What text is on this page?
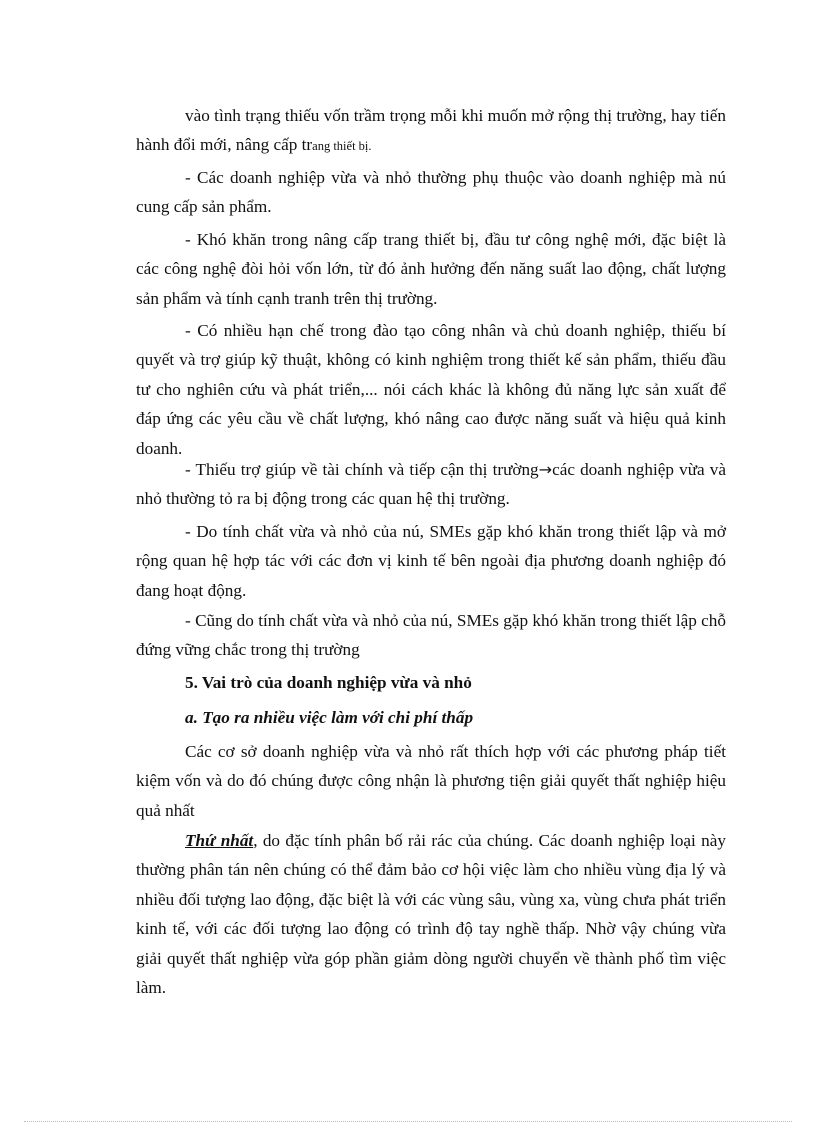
vào tình trạng thiếu vốn trầm trọng mỗi khi muốn mở rộng thị trường, hay tiến hành đổi mới, nâng cấp trang thiết bị.

- Các doanh nghiệp vừa và nhỏ thường phụ thuộc vào doanh nghiệp mà nú cung cấp sản phẩm.

- Khó khăn trong nâng cấp trang thiết bị, đầu tư công nghệ mới, đặc biệt là các công nghệ đòi hỏi vốn lớn, từ đó ảnh hưởng đến năng suất lao động, chất lượng sản phẩm và tính cạnh tranh trên thị trường.

- Có nhiều hạn chế trong đào tạo công nhân và chủ doanh nghiệp, thiếu bí quyết và trợ giúp kỹ thuật, không có kinh nghiệm trong thiết kế sản phẩm, thiếu đầu tư cho nghiên cứu và phát triển,... nói cách khác là không đủ năng lực sản xuất để đáp ứng các yêu cầu về chất lượng, khó nâng cao được năng suất và hiệu quả kinh doanh.

- Thiếu trợ giúp về tài chính và tiếp cận thị trường→các doanh nghiệp vừa và nhỏ thường tỏ ra bị động trong các quan hệ thị trường.

- Do tính chất vừa và nhỏ của nú, SMEs gặp khó khăn trong thiết lập và mở rộng quan hệ hợp tác với các đơn vị kinh tế bên ngoài địa phương doanh nghiệp đó đang hoạt động.

- Cũng do tính chất vừa và nhỏ của nú, SMEs gặp khó khăn trong thiết lập chỗ đứng vững chắc trong thị trường

5. Vai trò của doanh nghiệp vừa và nhỏ

a. Tạo ra nhiều việc làm với chi phí thấp

Các cơ sở doanh nghiệp vừa và nhỏ rất thích hợp với các phương pháp tiết kiệm vốn và do đó chúng được công nhận là phương tiện giải quyết thất nghiệp hiệu quả nhất

Thứ nhất, do đặc tính phân bố rải rác của chúng. Các doanh nghiệp loại này thường phân tán nên chúng có thể đảm bảo cơ hội việc làm cho nhiều vùng địa lý và nhiều đối tượng lao động, đặc biệt là với các vùng sâu, vùng xa, vùng chưa phát triển kinh tế, với các đối tượng lao động có trình độ tay nghề thấp. Nhờ vậy chúng vừa giải quyết thất nghiệp vừa góp phần giảm dòng người chuyển về thành phố tìm việc làm.
